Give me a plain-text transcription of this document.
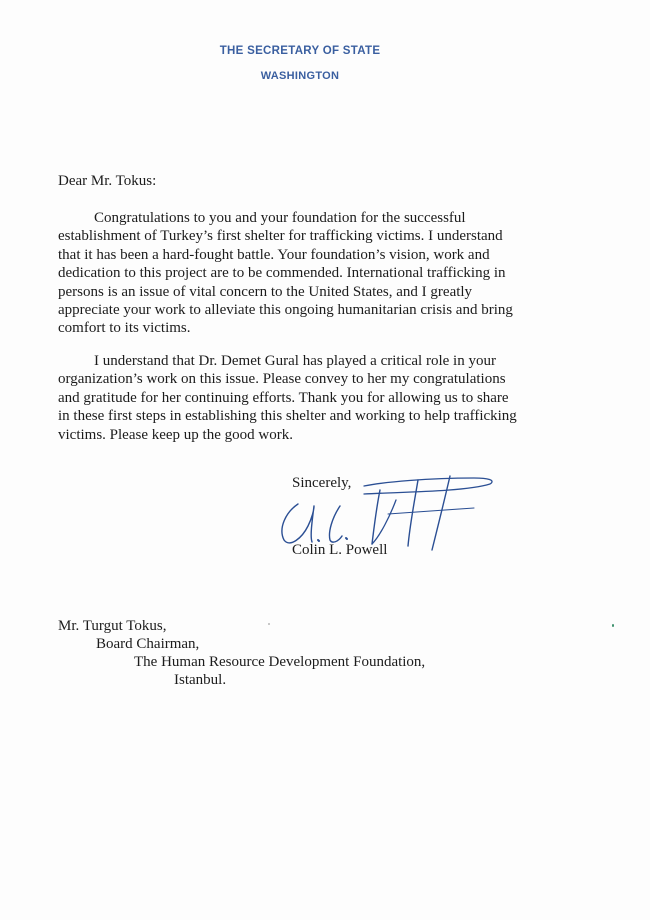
THE SECRETARY OF STATE
WASHINGTON
Dear Mr. Tokus:
Congratulations to you and your foundation for the successful
establishment of Turkey’s first shelter for trafficking victims. I understand
that it has been a hard-fought battle. Your foundation’s vision, work and
dedication to this project are to be commended. International trafficking in
persons is an issue of vital concern to the United States, and I greatly
appreciate your work to alleviate this ongoing humanitarian crisis and bring
comfort to its victims.
I understand that Dr. Demet Gural has played a critical role in your
organization’s work on this issue. Please convey to her my congratulations
and gratitude for her continuing efforts. Thank you for allowing us to share
in these first steps in establishing this shelter and working to help trafficking
victims. Please keep up the good work.
Sincerely,
Colin L. Powell
Mr. Turgut Tokus,
Board Chairman,
The Human Resource Development Foundation,
Istanbul.
